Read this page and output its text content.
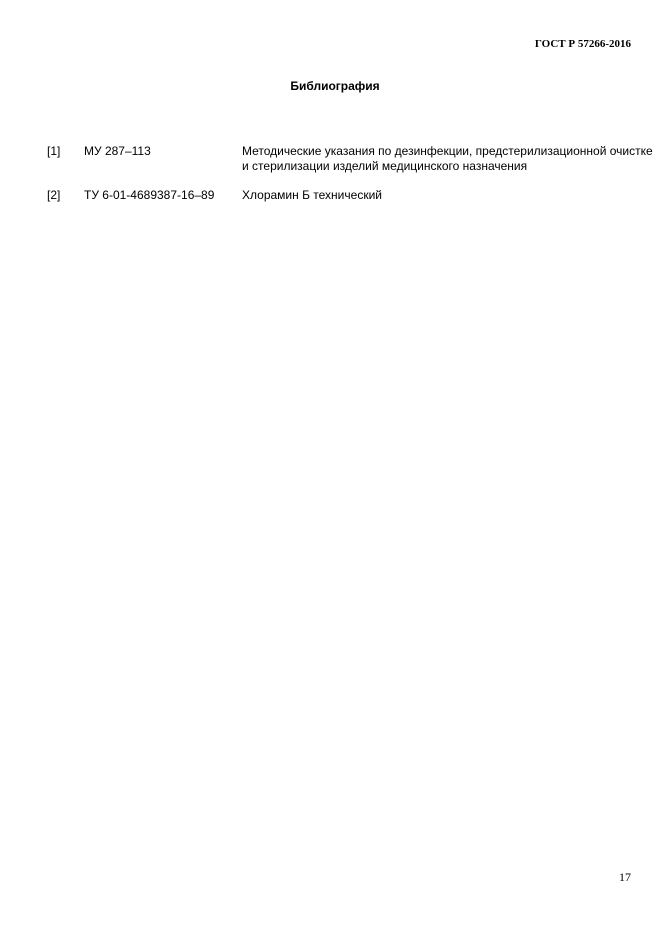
ГОСТ Р 57266-2016
Библиография
[1] МУ 287–113	Методические указания по дезинфекции, предстерилизационной очистке и стерилизации изделий медицинского назначения
[2] ТУ 6-01-4689387-16–89 Хлорамин Б технический
17
